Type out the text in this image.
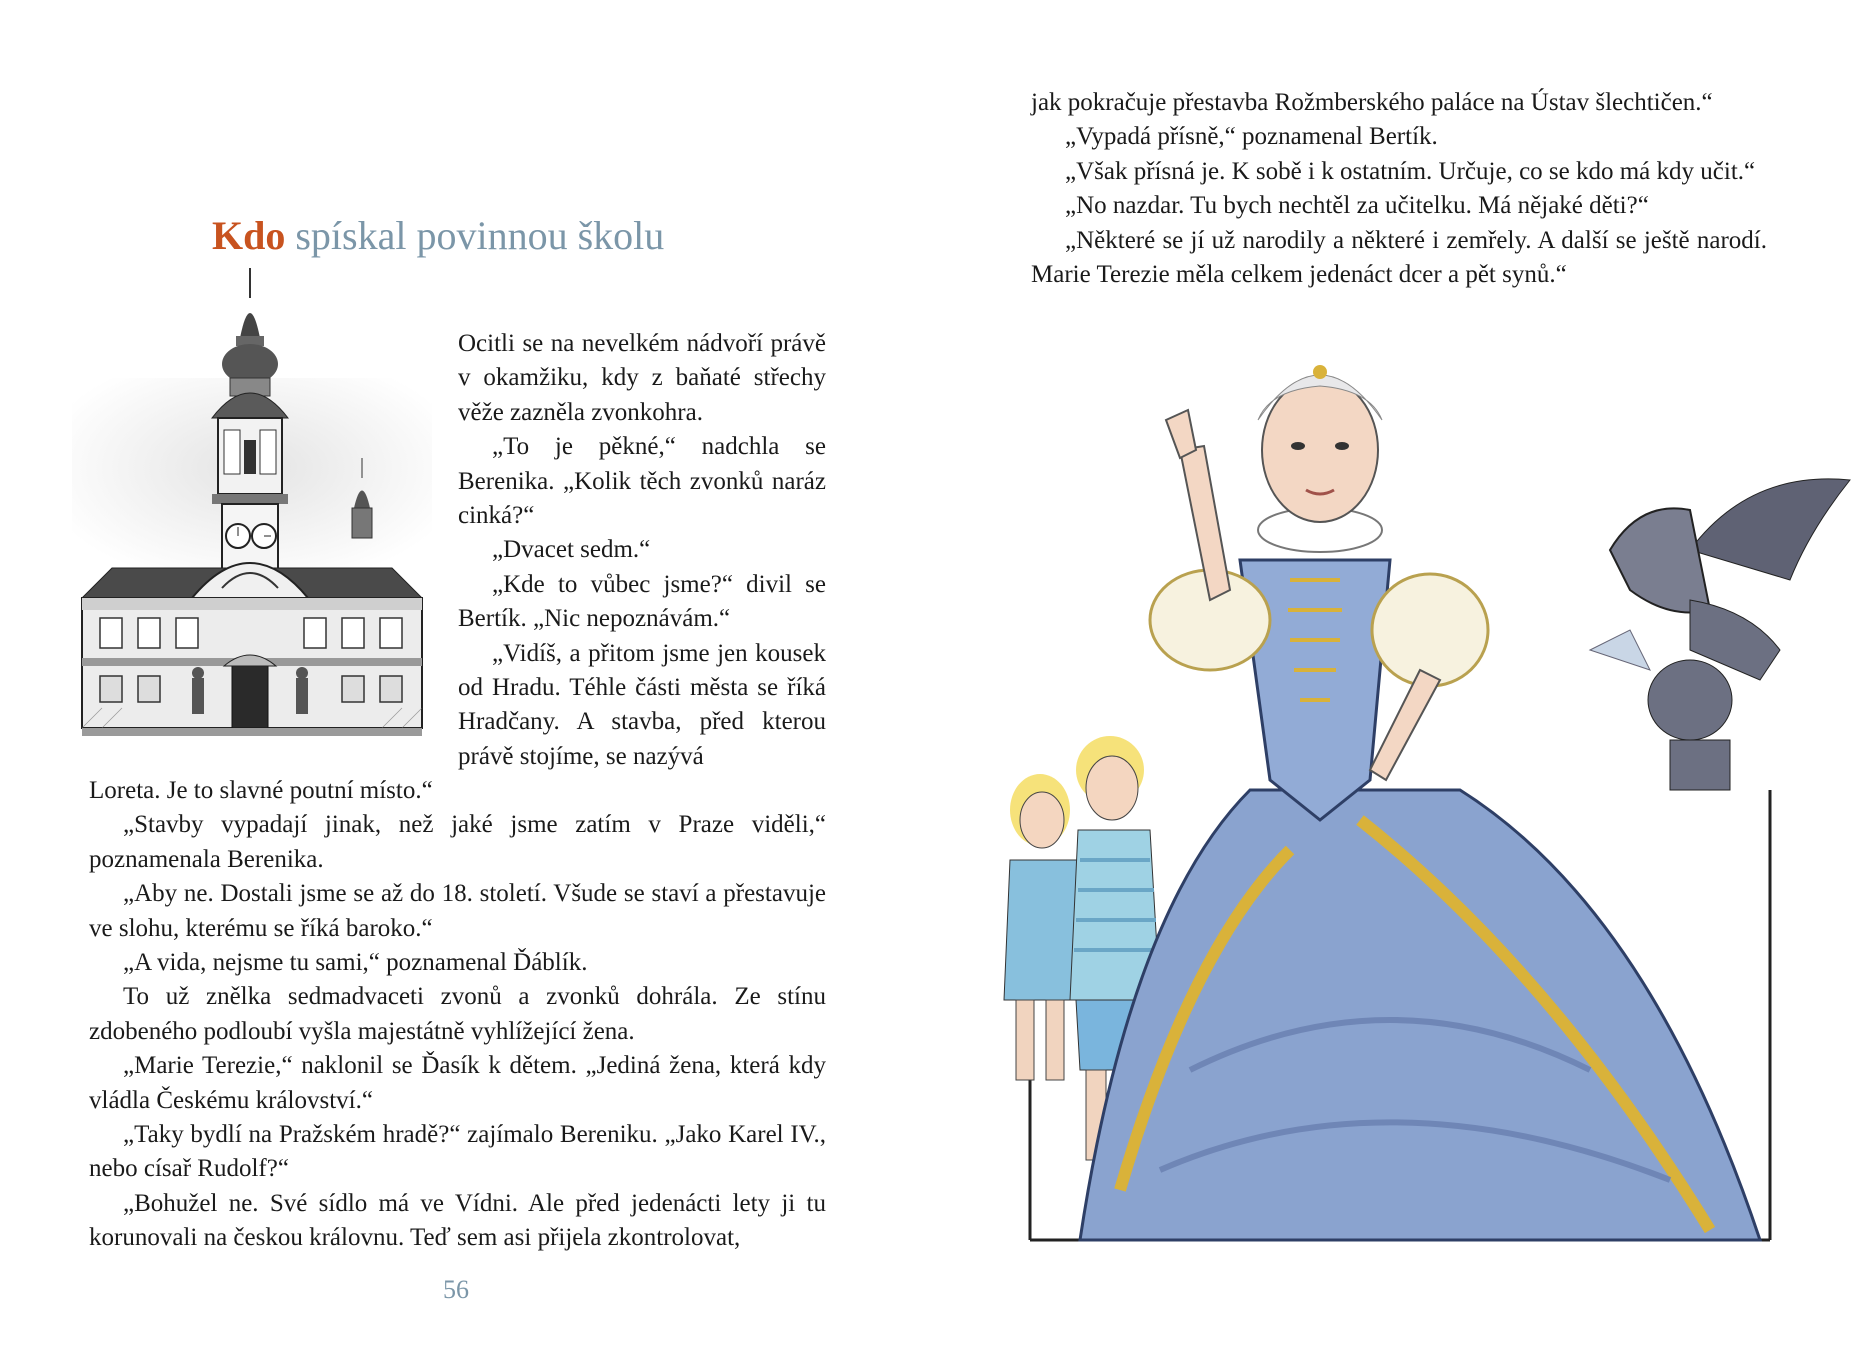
Kdo spískal povinnou školu

Ocitli se na nevelkém nádvoří právě v okamžiku, kdy z baňaté střechy věže zazněla zvonkohra.

„To je pěkné,“ nadchla se Berenika. „Kolik těch zvonků naráz cinká?“

„Dvacet sedm.“

„Kde to vůbec jsme?“ divil se Bertík. „Nic nepoznávám.“

„Vidíš, a přitom jsme jen kousek od Hradu. Téhle části města se říká Hradčany. A stavba, před kterou právě stojíme, se nazývá

Loreta. Je to slavné poutní místo.“

„Stavby vypadají jinak, než jaké jsme zatím v Praze viděli,“ poznamenala Berenika.

„Aby ne. Dostali jsme se až do 18. století. Všude se staví a přestavuje ve slohu, kterému se říká baroko.“

„A vida, nejsme tu sami,“ poznamenal Ďáblík.

To už znělka sedmadvaceti zvonů a zvonků dohrála. Ze stínu zdobeného podloubí vyšla majestátně vyhlížející žena.

„Marie Terezie,“ naklonil se Ďasík k dětem. „Jediná žena, která kdy vládla Českému království.“

„Taky bydlí na Pražském hradě?“ zajímalo Bereniku. „Jako Karel IV., nebo císař Rudolf?“

„Bohužel ne. Své sídlo má ve Vídni. Ale před jedenácti lety ji tu korunovali na českou královnu. Teď sem asi přijela zkontrolovat,

56

jak pokračuje přestavba Rožmberského paláce na Ústav šlechtičen.“

„Vypadá přísně,“ poznamenal Bertík.

„Však přísná je. K sobě i k ostatním. Určuje, co se kdo má kdy učit.“

„No nazdar. Tu bych nechtěl za učitelku. Má nějaké děti?“

„Některé se jí už narodily a některé i zemřely. A další se ještě narodí. Marie Terezie měla celkem jedenáct dcer a pět synů.“
